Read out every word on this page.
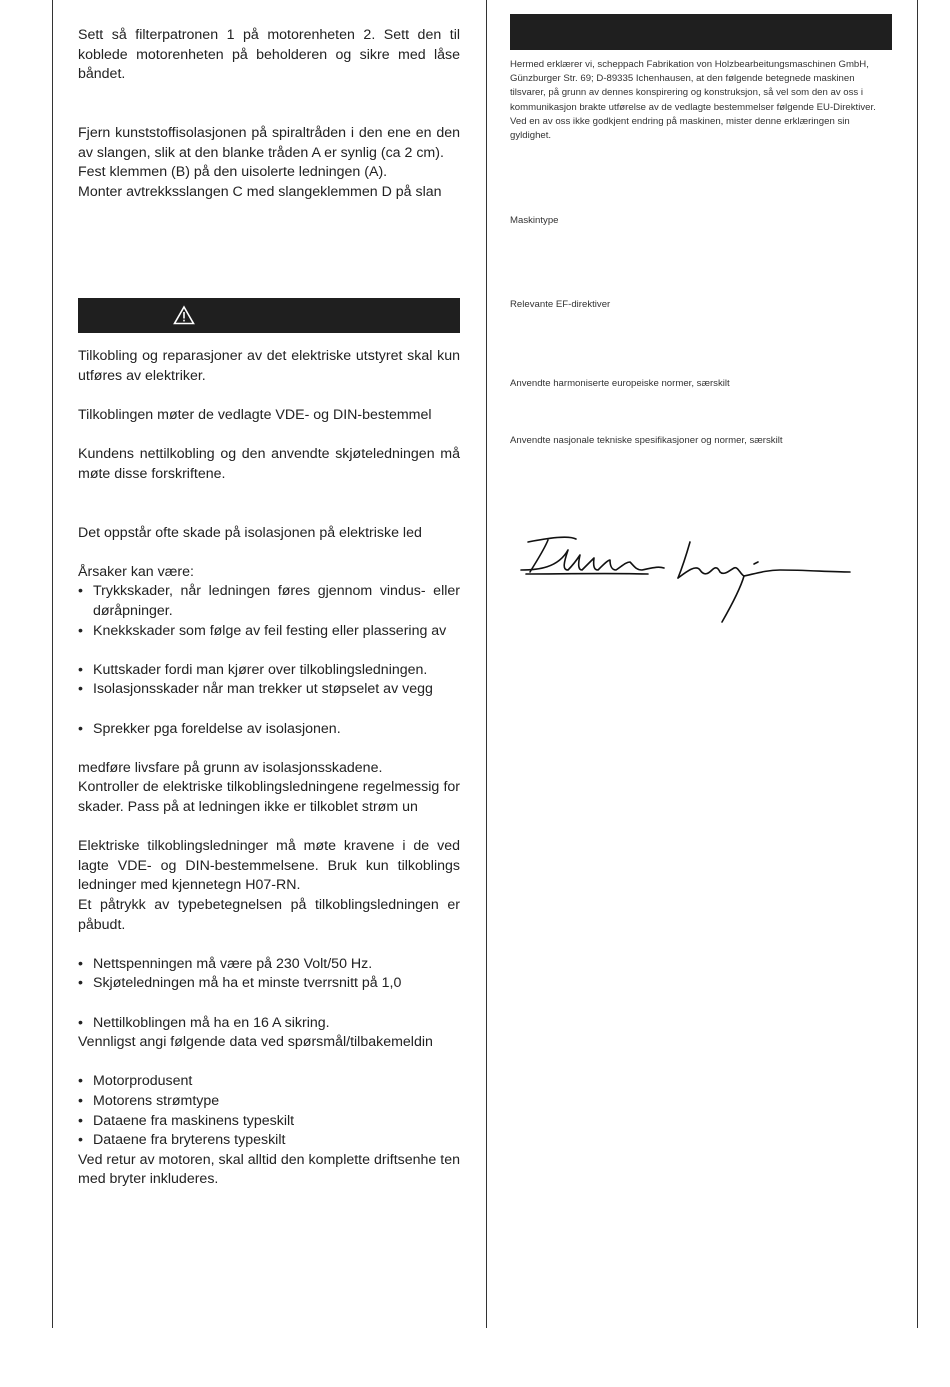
Sett så filterpatronen 1 på motorenheten 2. Sett den til koblede motorenheten på beholderen og sikre med låse båndet.

Fjern kunststoffisolasjonen på spiraltråden i den ene en den av slangen, slik at den blanke tråden A er synlig (ca 2 cm).

Fest klemmen (B) på den uisolerte ledningen (A).

Monter avtrekksslangen C med slangeklemmen D på slan

Tilkobling og reparasjoner av det elektriske utstyret skal kun utføres av elektriker.

Tilkoblingen møter de vedlagte VDE- og DIN-bestemmel

Kundens nettilkobling og den anvendte skjøteledningen må møte disse forskriftene.

Det oppstår ofte skade på isolasjonen på elektriske led

Årsaker kan være:

• Trykkskader, når ledningen føres gjennom vindus- eller døråpninger.
• Knekkskader som følge av feil festing eller plassering av
• Kuttskader fordi man kjører over tilkoblingsledningen.
• Isolasjonsskader når man trekker ut støpselet av vegg
• Sprekker pga foreldelse av isolasjonen.

medføre livsfare på grunn av isolasjonsskadene.

Kontroller de elektriske tilkoblingsledningene regelmessig for skader. Pass på at ledningen ikke er tilkoblet strøm un

Elektriske tilkoblingsledninger må møte kravene i de ved lagte VDE- og DIN-bestemmelsene. Bruk kun tilkoblings ledninger med kjennetegn H07-RN.

Et påtrykk av typebetegnelsen på tilkoblingsledningen er påbudt.

• Nettspenningen må være på 230 Volt/50 Hz.
• Skjøteledningen må ha et minste tverrsnitt på 1,0
• Nettilkoblingen må ha en 16 A sikring.

Vennligst angi følgende data ved spørsmål/tilbakemeldin

• Motorprodusent
• Motorens strømtype
• Dataene fra maskinens typeskilt
• Dataene fra bryterens typeskilt

Ved retur av motoren, skal alltid den komplette driftsenhe ten med bryter inkluderes.

Hermed erklærer vi, scheppach Fabrikation von Holzbearbeitungsmaschinen GmbH, Günzburger Str. 69; D-89335 Ichenhausen, at den følgende betegnede maskinen tilsvarer, på grunn av dennes konspirering og konstruksjon, så vel som den av oss i kommunikasjon brakte utførelse av de vedlagte bestemmelser følgende EU-Direktiver.

Ved en av oss ikke godkjent endring på maskinen, mister denne erklæringen sin gyldighet.

Maskintype
Relevante EF-direktiver
Anvendte harmoniserte europeiske normer, særskilt
Anvendte nasjonale tekniske spesifikasjoner og normer, særskilt
